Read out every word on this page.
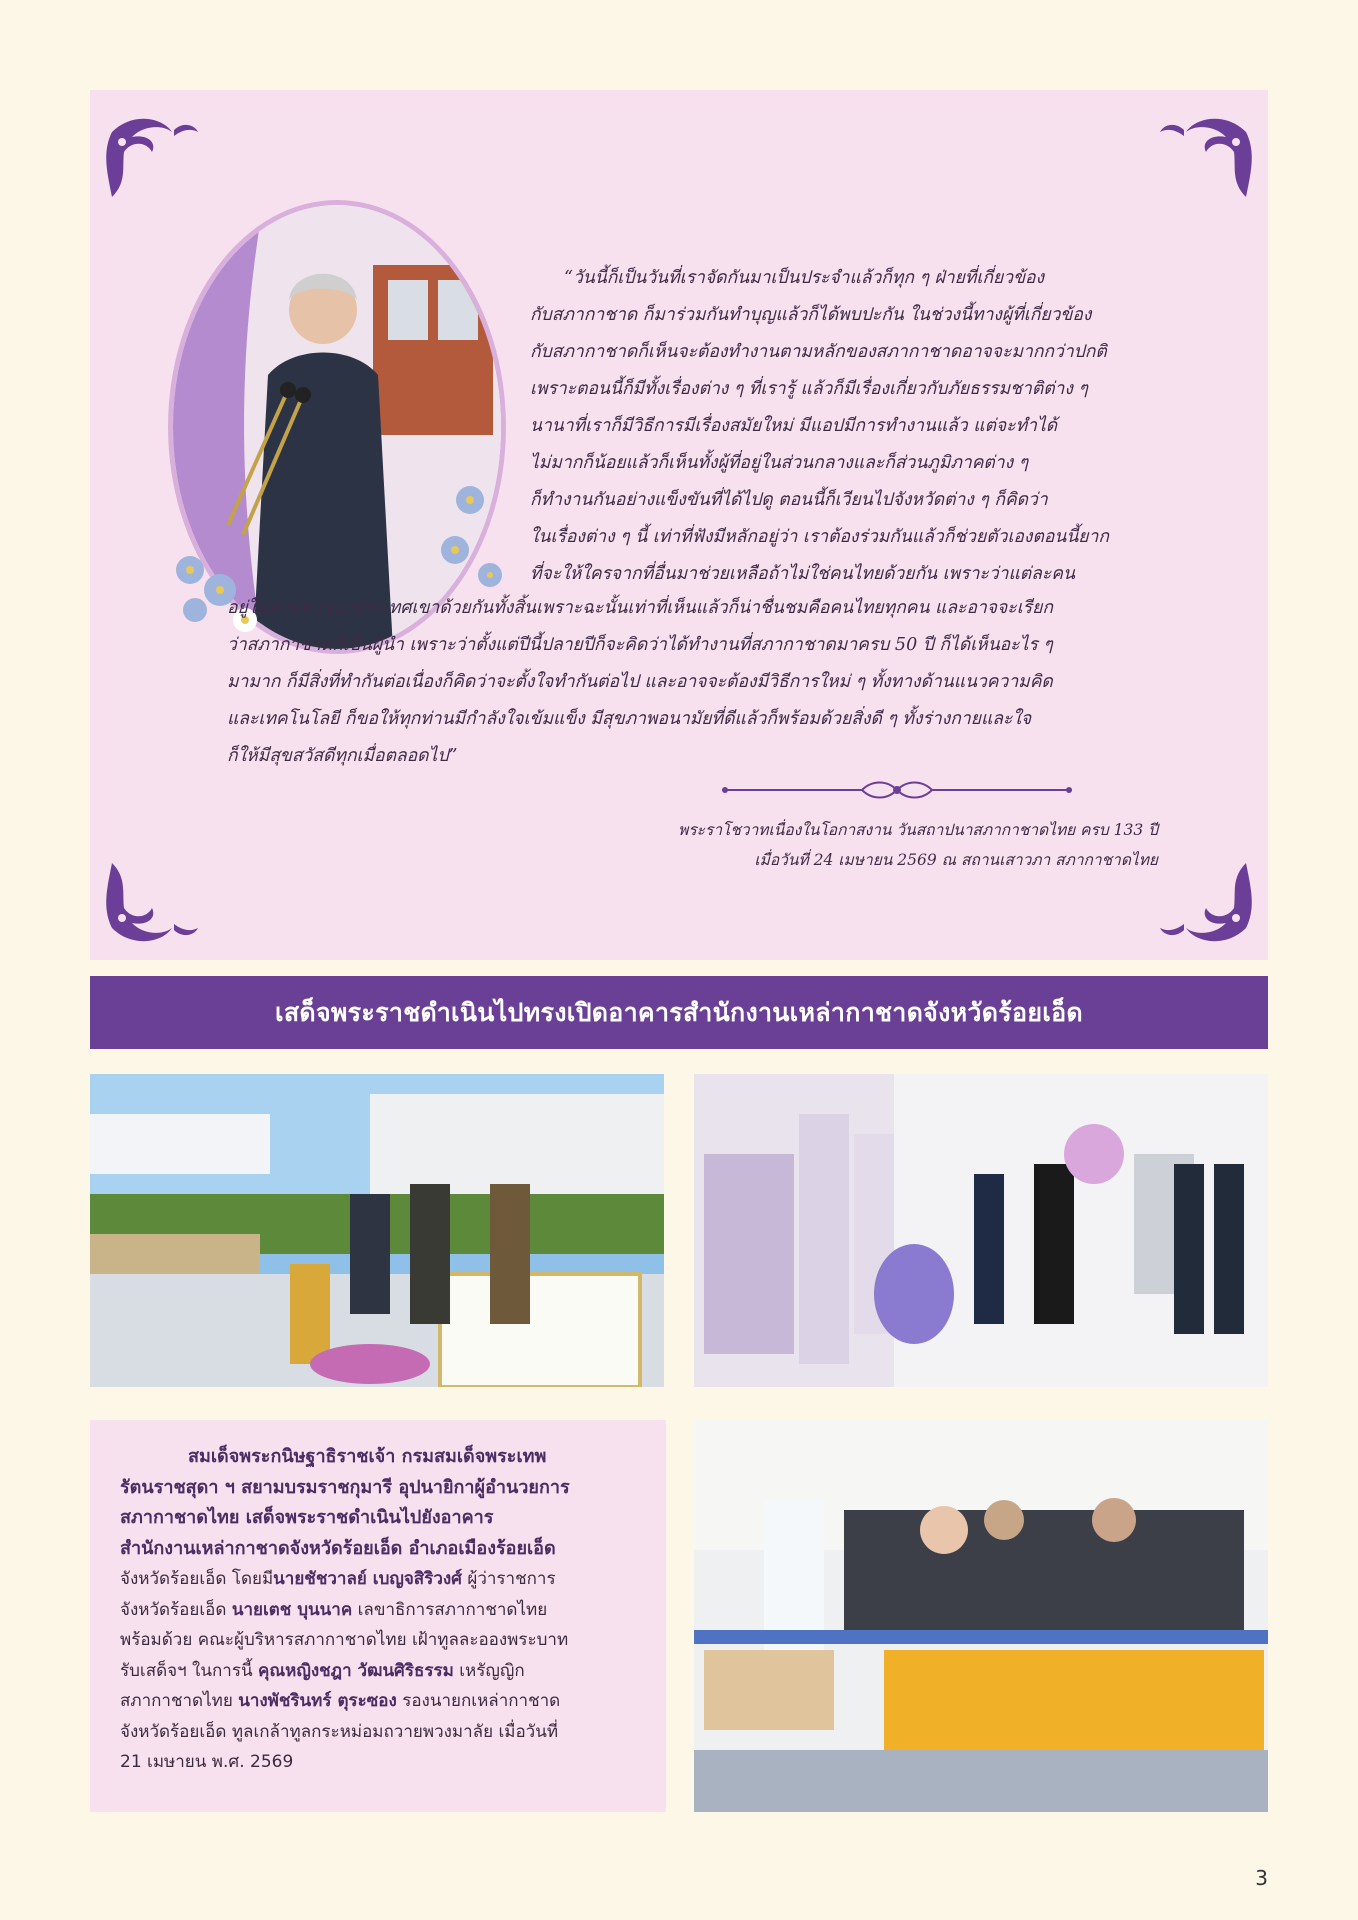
“วันนี้ก็เป็นวันที่เราจัดกันมาเป็นประจำแล้วก็ทุก ๆ ฝ่ายที่เกี่ยวข้อง
กับสภากาชาด ก็มาร่วมกันทำบุญแล้วก็ได้พบปะกัน ในช่วงนี้ทางผู้ที่เกี่ยวข้อง
กับสภากาชาดก็เห็นจะต้องทำงานตามหลักของสภากาชาดอาจจะมากกว่าปกติ
เพราะตอนนี้ก็มีทั้งเรื่องต่าง ๆ ที่เรารู้ แล้วก็มีเรื่องเกี่ยวกับภัยธรรมชาติต่าง ๆ
นานาที่เราก็มีวิธีการมีเรื่องสมัยใหม่ มีแอปมีการทำงานแล้ว แต่จะทำได้
ไม่มากก็น้อยแล้วก็เห็นทั้งผู้ที่อยู่ในส่วนกลางและก็ส่วนภูมิภาคต่าง ๆ
ก็ทำงานกันอย่างแข็งขันที่ได้ไปดู ตอนนี้ก็เวียนไปจังหวัดต่าง ๆ ก็คิดว่า
ในเรื่องต่าง ๆ นี้ เท่าที่ฟังมีหลักอยู่ว่า เราต้องร่วมกันแล้วก็ช่วยตัวเองตอนนี้ยาก
ที่จะให้ใครจากที่อื่นมาช่วยเหลือถ้าไม่ใช่คนไทยด้วยกัน เพราะว่าแต่ละคน
อยู่ในส่วนตัวของประเทศเขาด้วยกันทั้งสิ้นเพราะฉะนั้นเท่าที่เห็นแล้วก็น่าชื่นชมคือคนไทยทุกคน และอาจจะเรียก
ว่าสภากาชาดก็เป็นผู้นำ เพราะว่าตั้งแต่ปีนี้ปลายปีก็จะคิดว่าได้ทำงานที่สภากาชาดมาครบ 50 ปี ก็ได้เห็นอะไร ๆ
มามาก ก็มีสิ่งที่ทำกันต่อเนื่องก็คิดว่าจะตั้งใจทำกันต่อไป และอาจจะต้องมีวิธีการใหม่ ๆ ทั้งทางด้านแนวความคิด
และเทคโนโลยี ก็ขอให้ทุกท่านมีกำลังใจเข้มแข็ง มีสุขภาพอนามัยที่ดีแล้วก็พร้อมด้วยสิ่งดี ๆ ทั้งร่างกายและใจ
ก็ให้มีสุขสวัสดีทุกเมื่อตลอดไป”
พระราโชวาทเนื่องในโอกาสงาน วันสถาปนาสภากาชาดไทย ครบ 133 ปี
เมื่อวันที่ 24 เมษายน 2569 ณ สถานเสาวภา สภากาชาดไทย
เสด็จพระราชดำเนินไปทรงเปิดอาคารสำนักงานเหล่ากาชาดจังหวัดร้อยเอ็ด
สมเด็จพระกนิษฐาธิราชเจ้า กรมสมเด็จพระเทพ
รัตนราชสุดา ฯ สยามบรมราชกุมารี อุปนายิกาผู้อำนวยการ
สภากาชาดไทย เสด็จพระราชดำเนินไปยังอาคาร
สำนักงานเหล่ากาชาดจังหวัดร้อยเอ็ด อำเภอเมืองร้อยเอ็ด
จังหวัดร้อยเอ็ด โดยมีนายชัชวาลย์ เบญจสิริวงศ์ ผู้ว่าราชการ
จังหวัดร้อยเอ็ด นายเตช บุนนาค เลขาธิการสภากาชาดไทย
พร้อมด้วย คณะผู้บริหารสภากาชาดไทย เฝ้าทูลละอองพระบาท
รับเสด็จฯ ในการนี้ คุณหญิงชฎา วัฒนศิริธรรม เหรัญญิก
สภากาชาดไทย นางพัชรินทร์ ตุระซอง รองนายกเหล่ากาชาด
จังหวัดร้อยเอ็ด ทูลเกล้าทูลกระหม่อมถวายพวงมาลัย เมื่อวันที่
21 เมษายน พ.ศ. 2569
3
